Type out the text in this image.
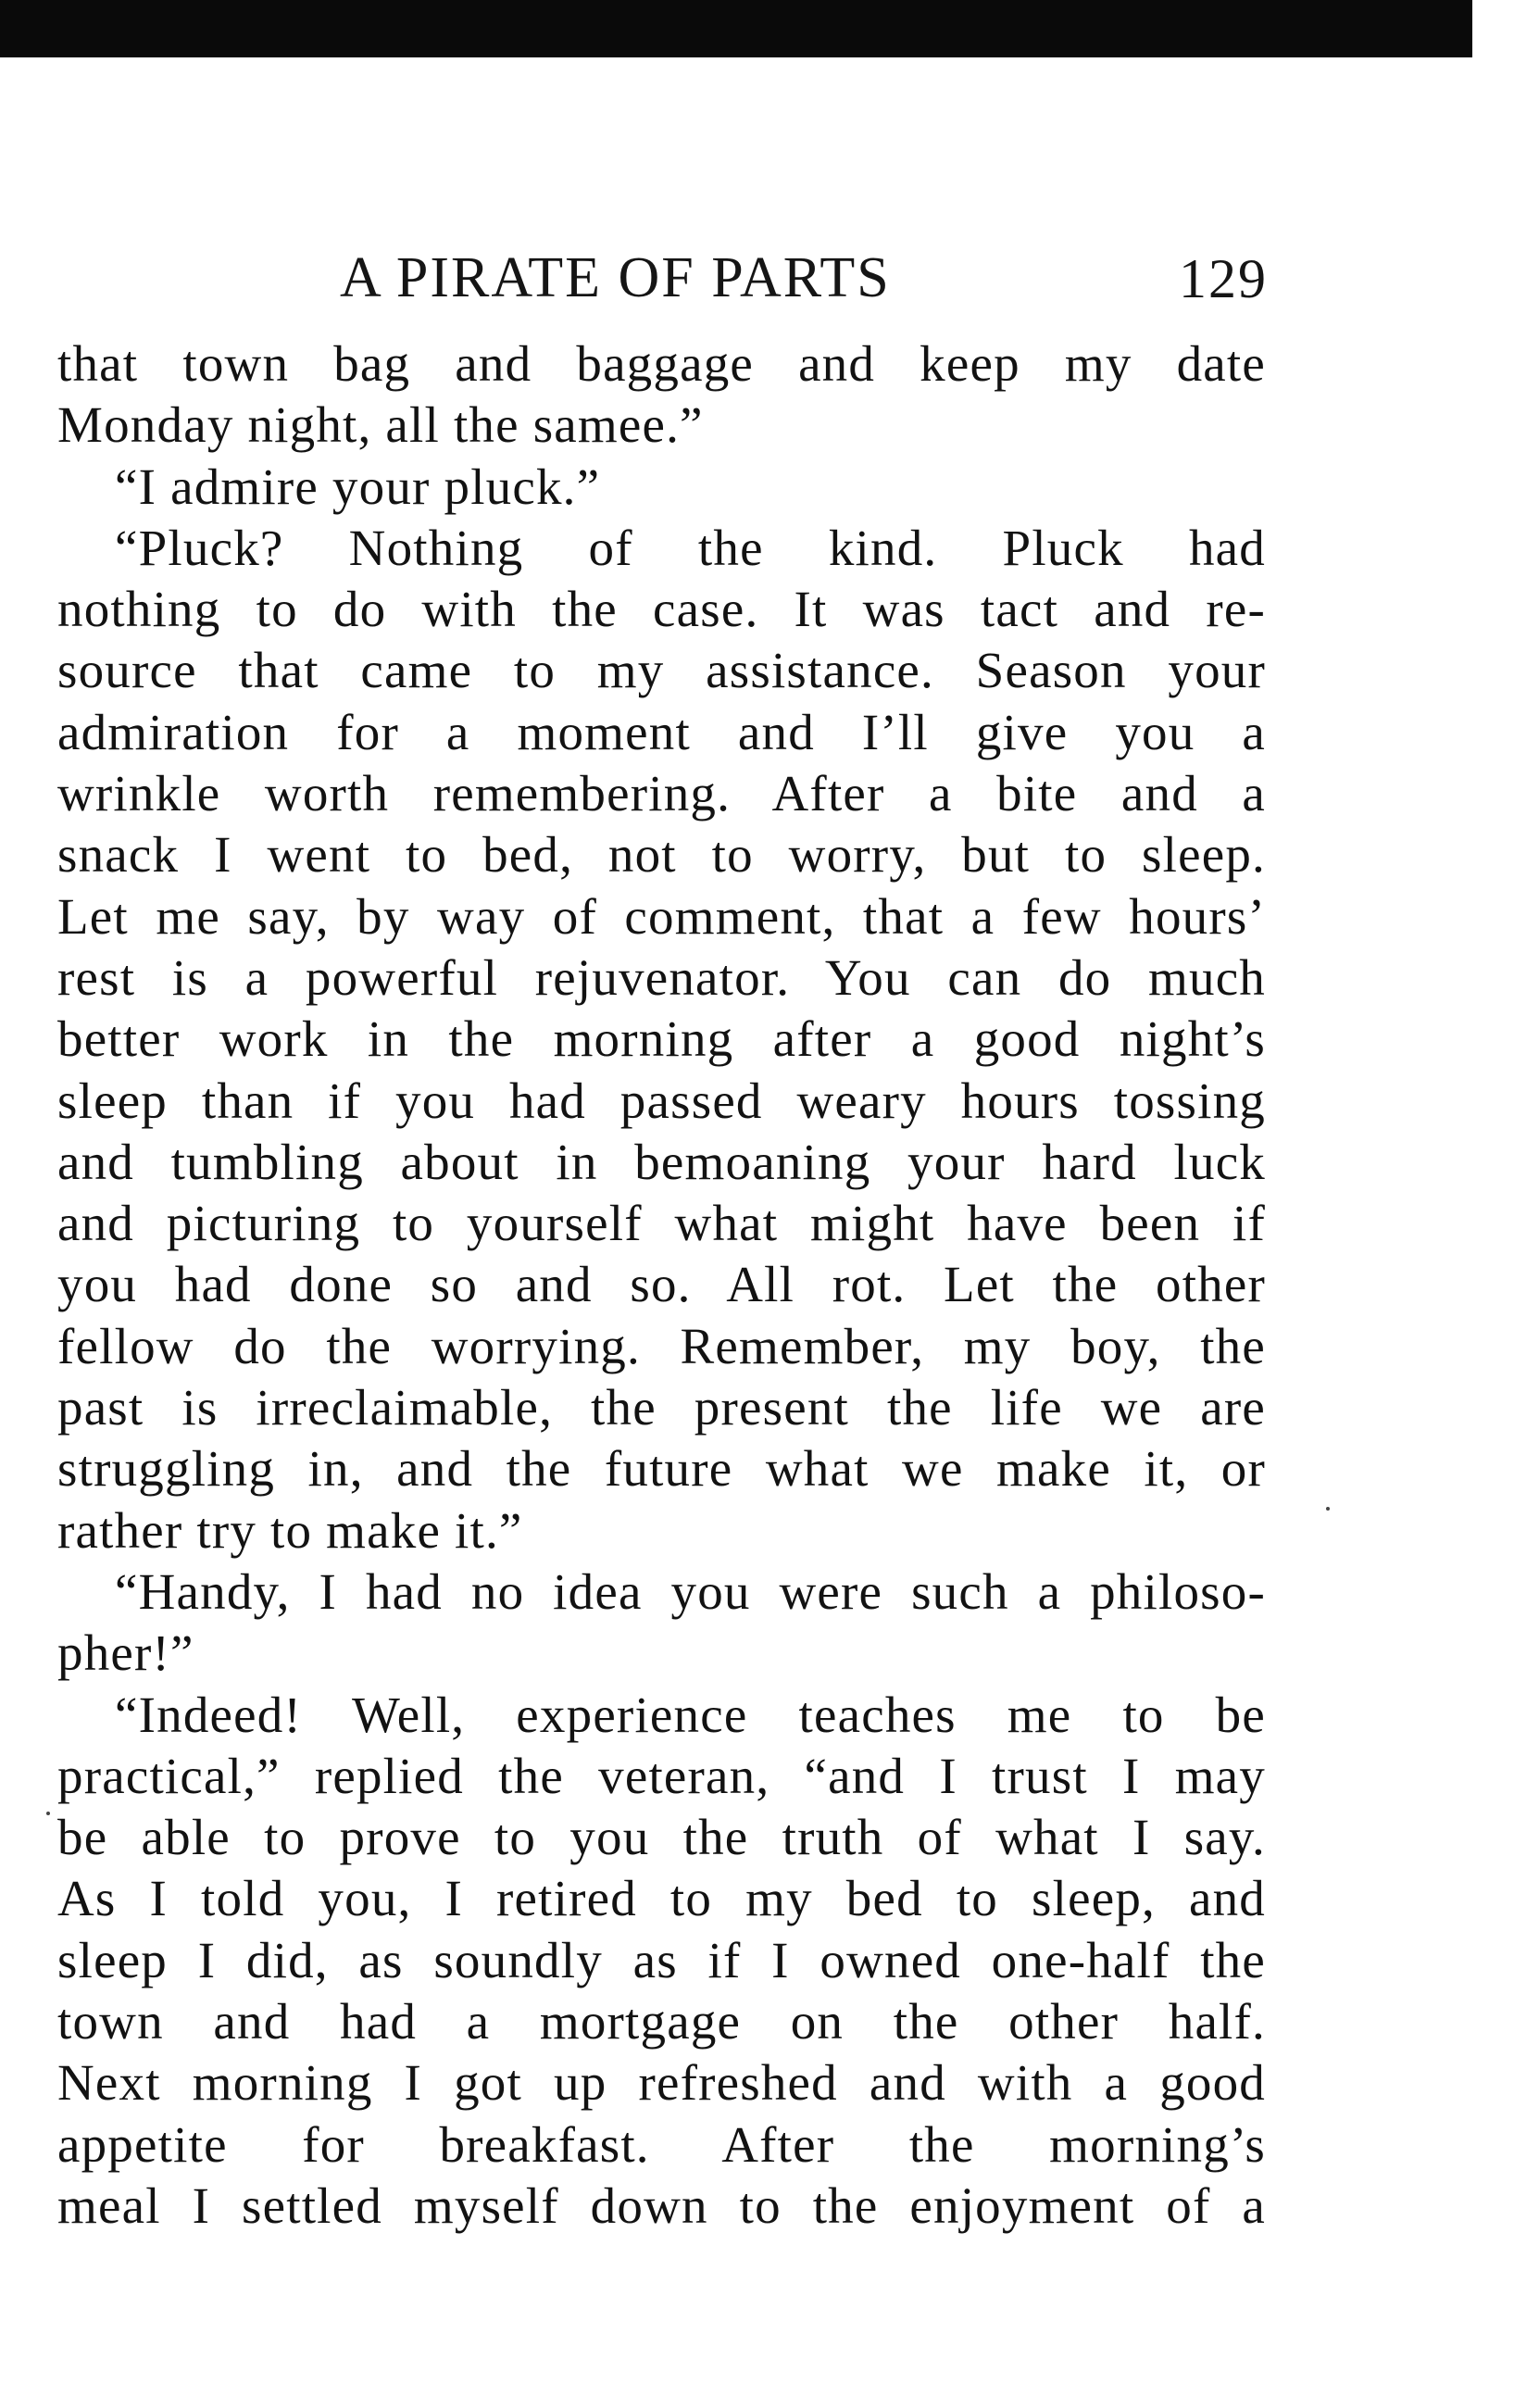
A PIRATE OF PARTS	129
that town bag and baggage and keep my date
Monday night, all the samee.”
“I admire your pluck.”
“Pluck? Nothing of the kind. Pluck had
nothing to do with the case. It was tact and re-
source that came to my assistance. Season your
admiration for a moment and I’ll give you a
wrinkle worth remembering. After a bite and a
snack I went to bed, not to worry, but to sleep.
Let me say, by way of comment, that a few hours’
rest is a powerful rejuvenator. You can do much
better work in the morning after a good night’s
sleep than if you had passed weary hours tossing
and tumbling about in bemoaning your hard luck
and picturing to yourself what might have been if
you had done so and so. All rot. Let the other
fellow do the worrying. Remember, my boy, the
past is irreclaimable, the present the life we are
struggling in, and the future what we make it, or
rather try to make it.”
“Handy, I had no idea you were such a philoso-
pher!”
“Indeed! Well, experience teaches me to be
practical,” replied the veteran, “and I trust I may
be able to prove to you the truth of what I say.
As I told you, I retired to my bed to sleep, and
sleep I did, as soundly as if I owned one-half the
town and had a mortgage on the other half.
Next morning I got up refreshed and with a good
appetite for breakfast. After the morning’s
meal I settled myself down to the enjoyment of a
